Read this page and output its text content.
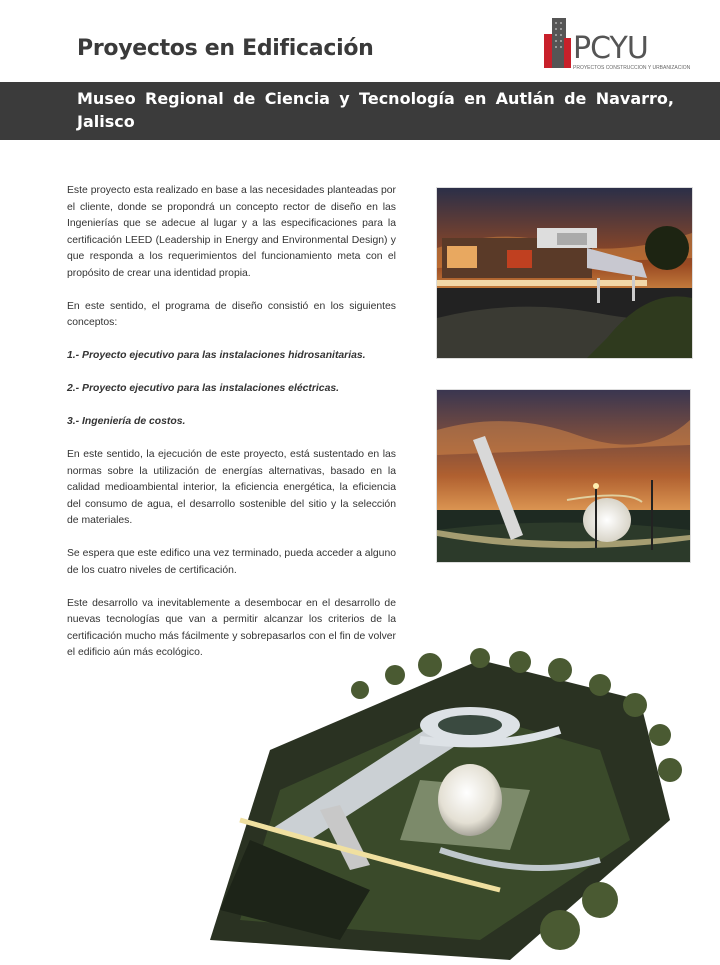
Proyectos en Edificación	PCYU
PROYECTOS CONSTRUCCION Y URBANIZACION
Museo Regional de Ciencia y Tecnología en Autlán de Navarro, Jalisco

Este proyecto esta realizado en base a las necesidades planteadas por el cliente, donde se propondrá un concepto rector de diseño en las Ingenierías que se adecue al lugar y a las especificaciones para la certificación LEED (Leadership in Energy and Environmental Design) y que responda a los requerimientos del funcionamiento meta con el propósito de crear una identidad propia.

En este sentido, el programa de diseño consistió en los siguientes conceptos:

1.- Proyecto ejecutivo para las instalaciones hidrosanitarias.

2.- Proyecto ejecutivo para las instalaciones eléctricas.

3.- Ingeniería de costos.

En este sentido, la ejecución de este proyecto, está sustentado en las normas sobre la utilización de energías alternativas, basado en la calidad medioambiental interior, la eficiencia energética, la eficiencia del consumo de agua, el desarrollo sostenible del sitio y la selección de materiales.

Se espera que este edifico una vez terminado, pueda acceder a alguno de los cuatro niveles de certificación.

Este desarrollo va inevitablemente a desembocar en el desarrollo de nuevas tecnologías que van a permitir alcanzar los criterios de la certificación mucho más fácilmente y sobrepasarlos con el fin de volver el edificio aún más ecológico.
